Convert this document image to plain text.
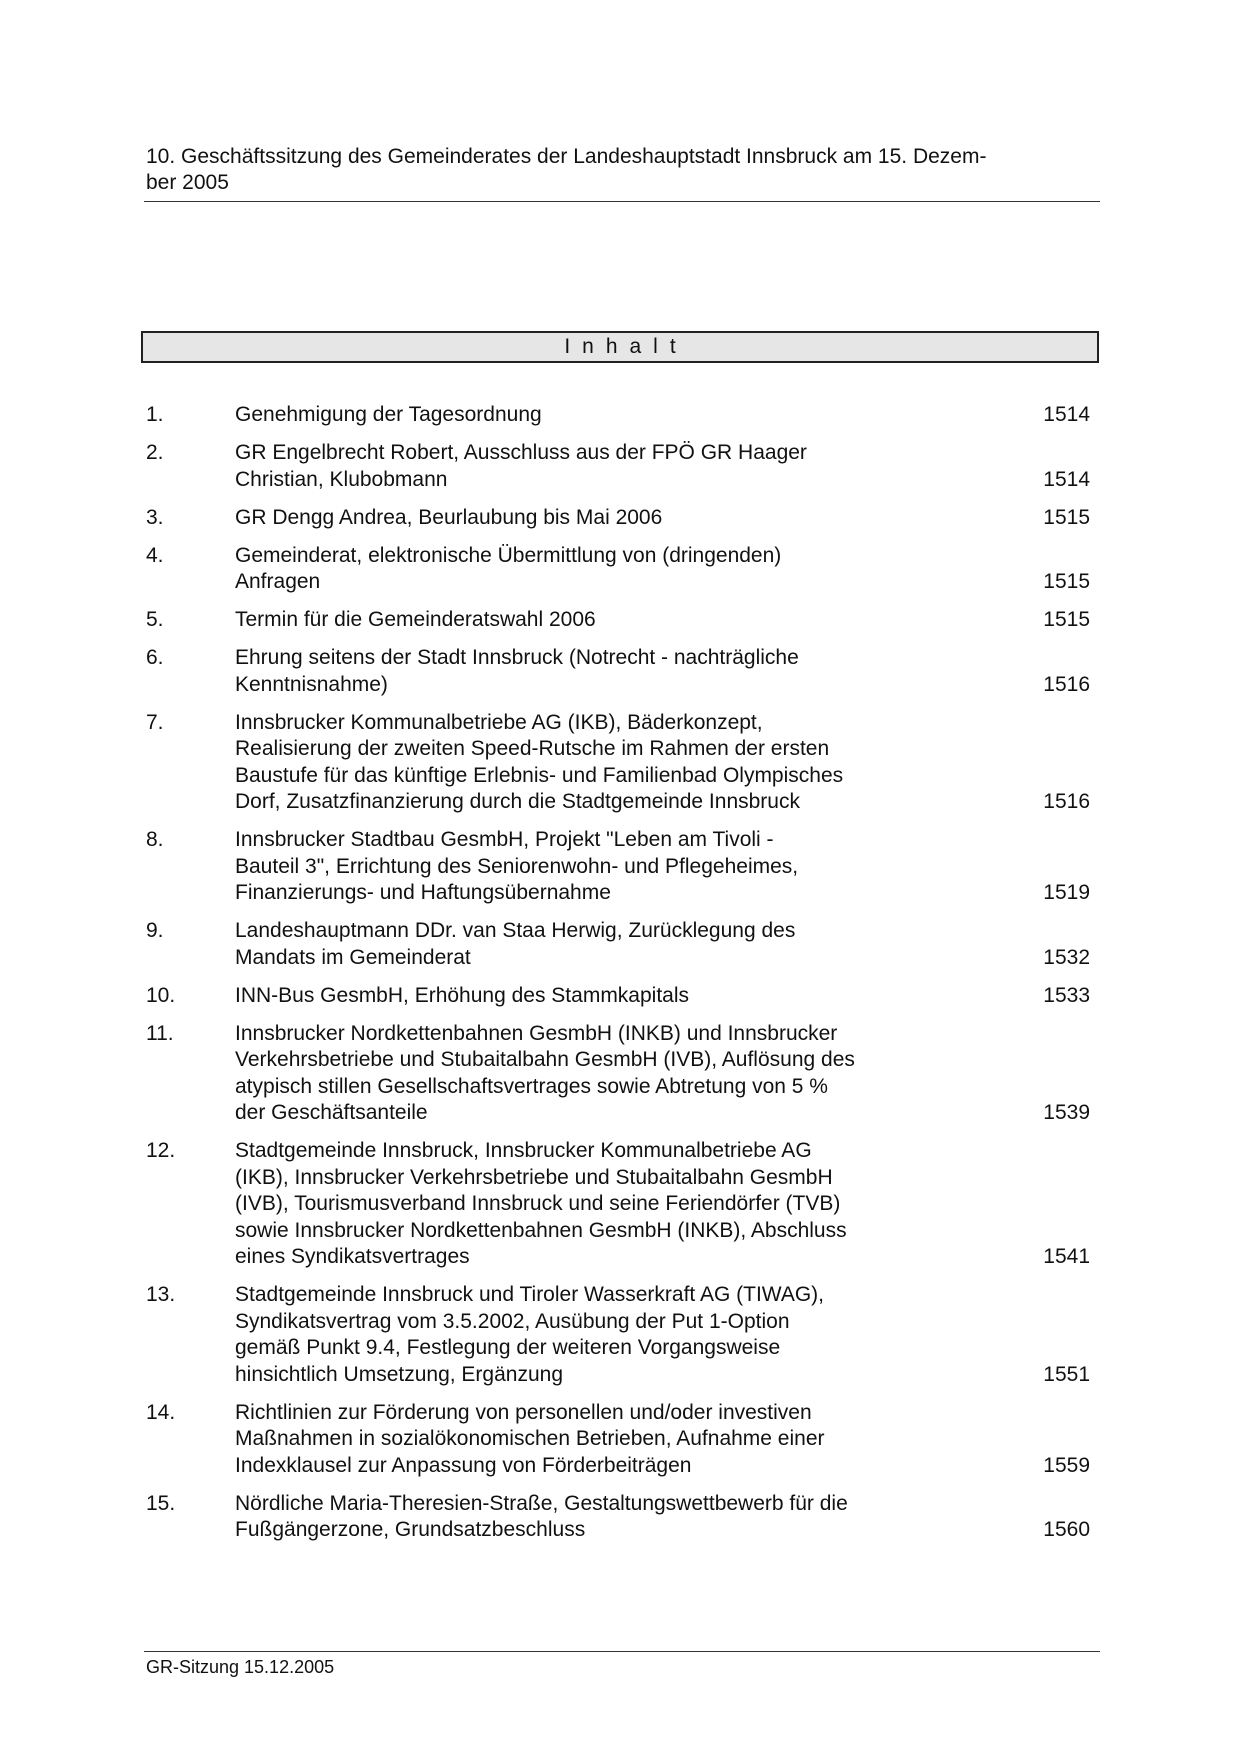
10. Geschäftssitzung des Gemeinderates der Landeshauptstadt Innsbruck am 15. Dezem-
ber 2005
Inhalt
1.	Genehmigung der Tagesordnung	1514
2.	GR Engelbrecht Robert, Ausschluss aus der FPÖ GR Haager
Christian, Klubobmann	1514
3.	GR Dengg Andrea, Beurlaubung bis Mai 2006	1515
4.	Gemeinderat, elektronische Übermittlung von (dringenden)
Anfragen	1515
5.	Termin für die Gemeinderatswahl 2006	1515
6.	Ehrung seitens der Stadt Innsbruck (Notrecht - nachträgliche
Kenntnisnahme)	1516
7.	Innsbrucker Kommunalbetriebe AG (IKB), Bäderkonzept,
Realisierung der zweiten Speed-Rutsche im Rahmen der ersten
Baustufe für das künftige Erlebnis- und Familienbad Olympisches
Dorf, Zusatzfinanzierung durch die Stadtgemeinde Innsbruck	1516
8.	Innsbrucker Stadtbau GesmbH, Projekt "Leben am Tivoli -
Bauteil 3", Errichtung des Seniorenwohn- und Pflegeheimes,
Finanzierungs- und Haftungsübernahme	1519
9.	Landeshauptmann DDr. van Staa Herwig, Zurücklegung des
Mandats im Gemeinderat	1532
10.	INN-Bus GesmbH, Erhöhung des Stammkapitals	1533
11.	Innsbrucker Nordkettenbahnen GesmbH (INKB) und Innsbrucker
Verkehrsbetriebe und Stubaitalbahn GesmbH (IVB), Auflösung des
atypisch stillen Gesellschaftsvertrages sowie Abtretung von 5 %
der Geschäftsanteile	1539
12.	Stadtgemeinde Innsbruck, Innsbrucker Kommunalbetriebe AG
(IKB), Innsbrucker Verkehrsbetriebe und Stubaitalbahn GesmbH
(IVB), Tourismusverband Innsbruck und seine Feriendörfer (TVB)
sowie Innsbrucker Nordkettenbahnen GesmbH (INKB), Abschluss
eines Syndikatsvertrages	1541
13.	Stadtgemeinde Innsbruck und Tiroler Wasserkraft AG (TIWAG),
Syndikatsvertrag vom 3.5.2002, Ausübung der Put 1-Option
gemäß Punkt 9.4, Festlegung der weiteren Vorgangsweise
hinsichtlich Umsetzung, Ergänzung	1551
14.	Richtlinien zur Förderung von personellen und/oder investiven
Maßnahmen in sozialökonomischen Betrieben, Aufnahme einer
Indexklausel zur Anpassung von Förderbeiträgen	1559
15.	Nördliche Maria-Theresien-Straße, Gestaltungswettbewerb für die
Fußgängerzone, Grundsatzbeschluss	1560
GR-Sitzung 15.12.2005
